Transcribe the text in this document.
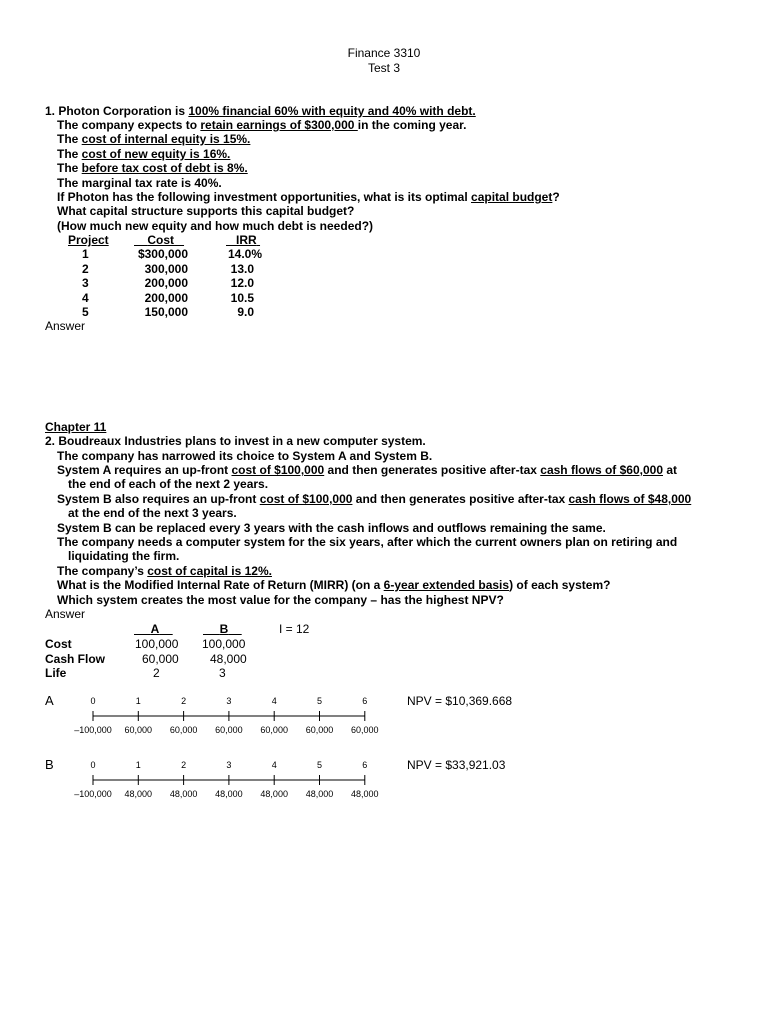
Finance 3310
Test 3
1. Photon Corporation is 100% financial 60% with equity and 40% with debt.
The company expects to retain earnings of $300,000 in the coming year.
The cost of internal equity is 15%.
The cost of new equity is 16%.
The before tax cost of debt is 8%.
The marginal tax rate is 40%.
If Photon has the following investment opportunities, what is its optimal capital budget?
What capital structure supports this capital budget?
(How much new equity and how much debt is needed?)
Project	Cost	IRR
1	$300,000	14.0%
2	300,000	13.0
3	200,000	12.0
4	200,000	10.5
5	150,000	9.0
Answer
Chapter 11
2. Boudreaux Industries plans to invest in a new computer system.
The company has narrowed its choice to System A and System B.
System A requires an up-front cost of $100,000 and then generates positive after-tax cash flows of $60,000 at
the end of each of the next 2 years.
System B also requires an up-front cost of $100,000 and then generates positive after-tax cash flows of $48,000
at the end of the next 3 years.
System B can be replaced every 3 years with the cash inflows and outflows remaining the same.
The company needs a computer system for the six years, after which the current owners plan on retiring and
liquidating the firm.
The company’s cost of capital is 12%.
What is the Modified Internal Rate of Return (MIRR) (on a 6-year extended basis) of each system?
Which system creates the most value for the company – has the highest NPV?
Answer
A	B	I = 12
Cost	100,000 100,000
Cash Flow	60,000	48,000
Life	2	3
A	0
–100,000
1
60,000
2
60,000
3
60,000
4
60,000
5
60,000
6
60,000
NPV = $10,369.668
B	0
–100,000
1
48,000
2
48,000
3
48,000
4
48,000
5
48,000
6
48,000
NPV = $33,921.03
